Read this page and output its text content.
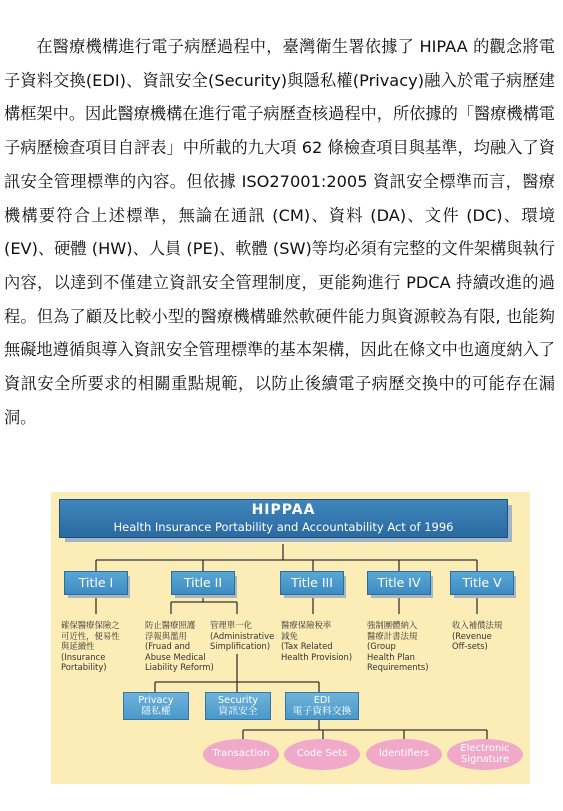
在醫療機構進行電子病歷過程中，臺灣衛生署依據了 HIPAA 的觀念將電子資料交換(EDI)、資訊安全(Security)與隱私權(Privacy)融入於電子病歷建構框架中。因此醫療機構在進行電子病歷查核過程中，所依據的「醫療機構電子病歷檢查項目自評表」中所載的九大項 62 條檢查項目與基準，均融入了資訊安全管理標準的內容。但依據 ISO27001:2005 資訊安全標準而言，醫療機構要符合上述標準，無論在通訊 (CM)、資料 (DA)、文件 (DC)、環境 (EV)、硬體 (HW)、人員 (PE)、軟體 (SW)等均必須有完整的文件架構與執行內容，以達到不僅建立資訊安全管理制度，更能夠進行 PDCA 持續改進的過程。但為了顧及比較小型的醫療機構雖然軟硬件能力與資源較為有限, 也能夠無礙地遵循與導入資訊安全管理標準的基本架構，因此在條文中也適度納入了資訊安全所要求的相關重點規範，以防止後續電子病歷交換中的可能存在漏洞。

HIPPAA
Health Insurance Portability and Accountability Act of 1996
Title I	Title II	Title III	Title IV	Title V
確保醫療保險之
可近性，便易性
與延續性
(Insurance
Portability)
防止醫療照護
浮報與濫用
(Fruad and
Abuse Medical
Liability Reform)
管理單一化
(Administrative
Simplification)
醫療保險稅率
減免
(Tax Related
Health Provision)
強制團體納入
醫療計書法規
(Group
Health Plan
Requirements)
收入補償法規
(Revenue
Off-sets)
Privacy
隱私權
Security
資訊安全
EDI
電子資料交換
Transaction	Code Sets	Identifiers	Electronic
Signature
